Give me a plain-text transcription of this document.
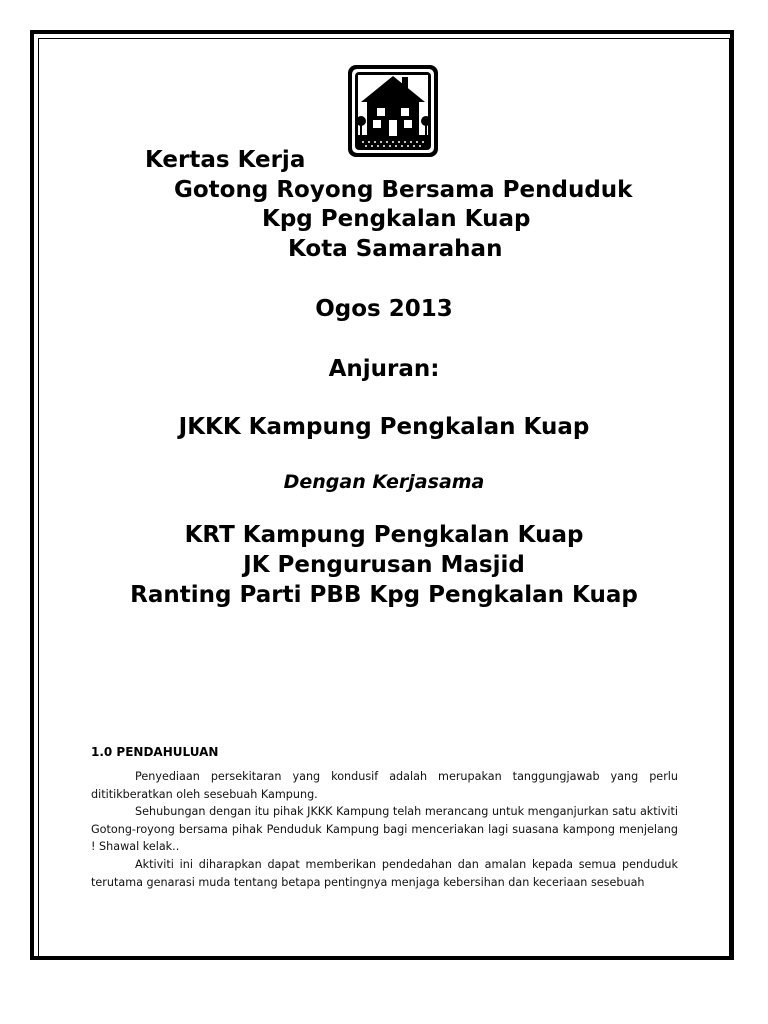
Kertas Kerja
Gotong Royong Bersama Penduduk
Kpg Pengkalan Kuap
Kota Samarahan
Ogos 2013
Anjuran:
JKKK Kampung Pengkalan Kuap
Dengan Kerjasama
KRT Kampung Pengkalan Kuap
JK Pengurusan Masjid
Ranting Parti PBB Kpg Pengkalan Kuap
1.0 PENDAHULUAN
Penyediaan persekitaran yang kondusif adalah merupakan tanggungjawab yang perlu dititikberatkan oleh sesebuah Kampung.
Sehubungan dengan itu pihak JKKK Kampung telah merancang untuk menganjurkan satu aktiviti Gotong-royong bersama pihak Penduduk Kampung bagi menceriakan lagi suasana kampong menjelang ! Shawal kelak..
Aktiviti ini diharapkan dapat memberikan pendedahan dan amalan kepada semua penduduk terutama genarasi muda tentang betapa pentingnya menjaga kebersihan dan keceriaan sesebuah
